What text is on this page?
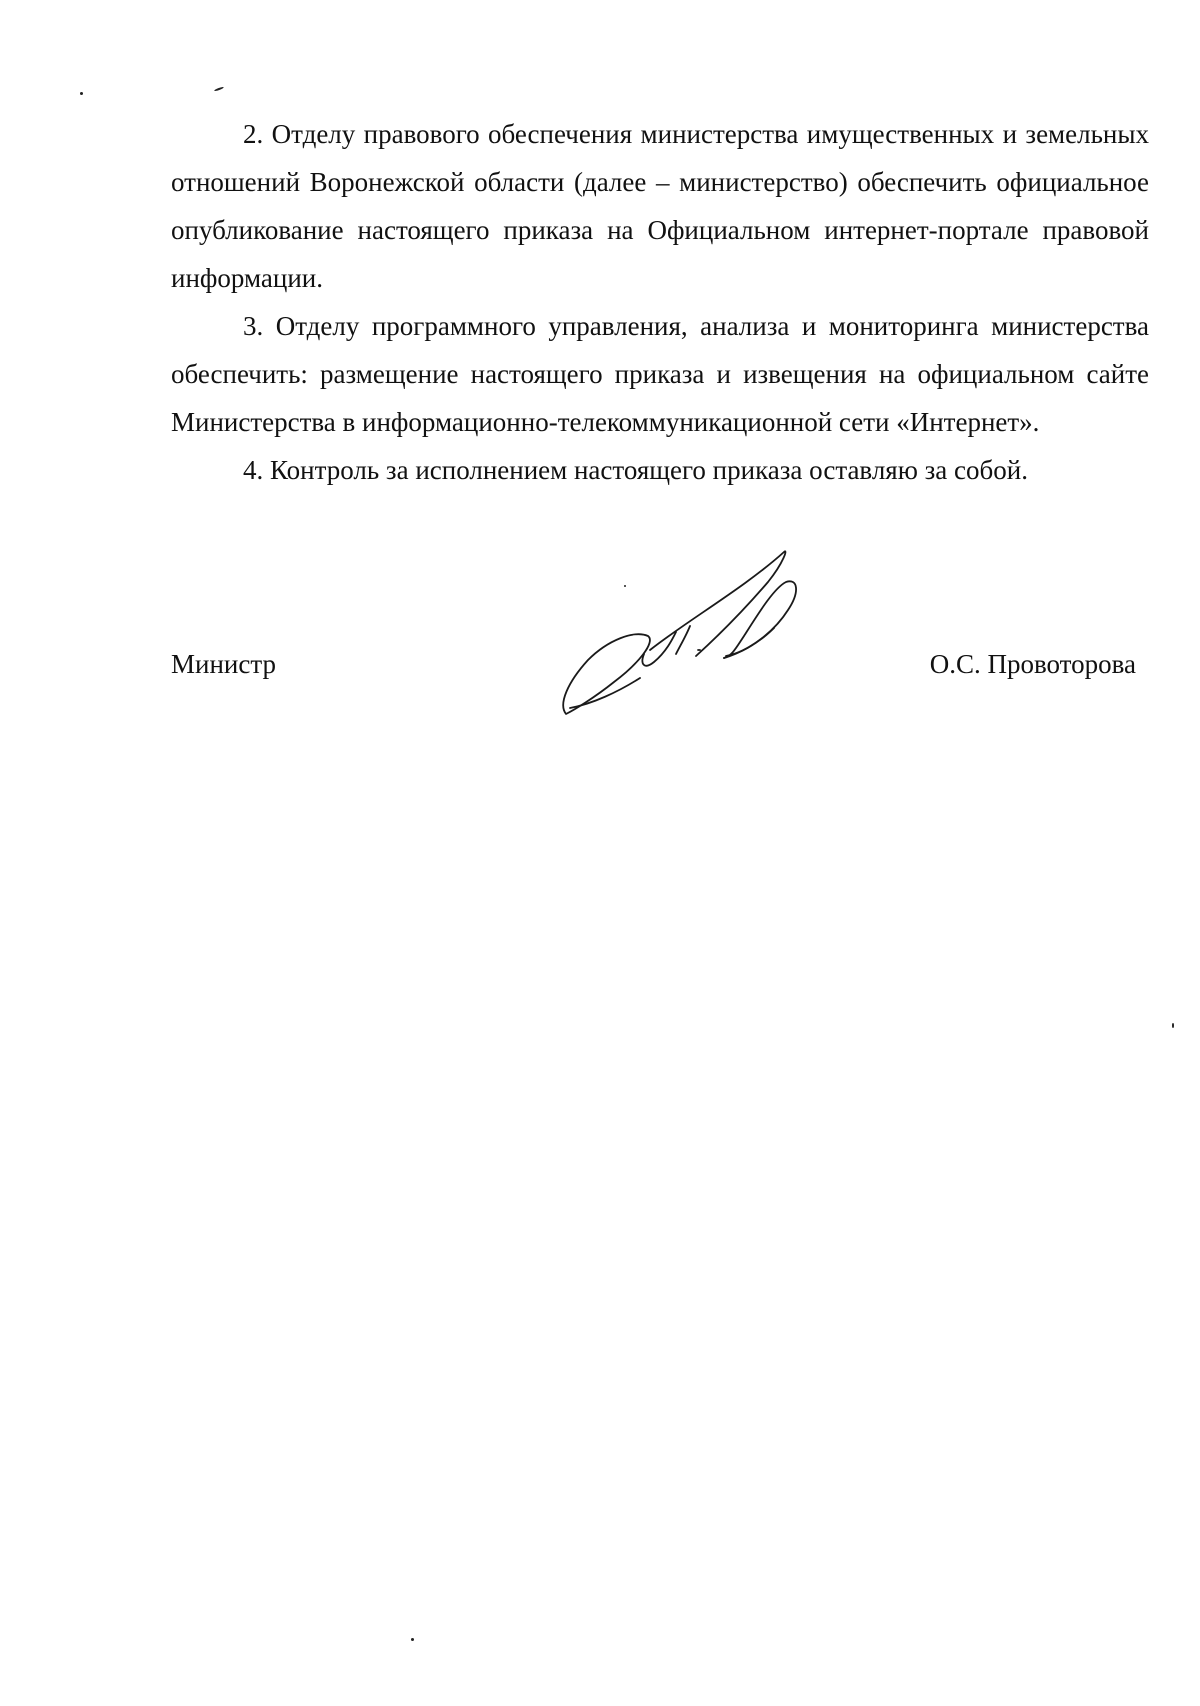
2. Отделу правового обеспечения министерства имущественных и земельных отношений Воронежской области (далее – министерство) обеспечить официальное опубликование настоящего приказа на Официальном интернет-портале правовой информации.

3. Отделу программного управления, анализа и мониторинга министерства обеспечить: размещение настоящего приказа и извещения на официальном сайте Министерства в информационно-телекоммуникационной сети «Интернет».

4. Контроль за исполнением настоящего приказа оставляю за собой.

Министр	О.С. Провоторова
